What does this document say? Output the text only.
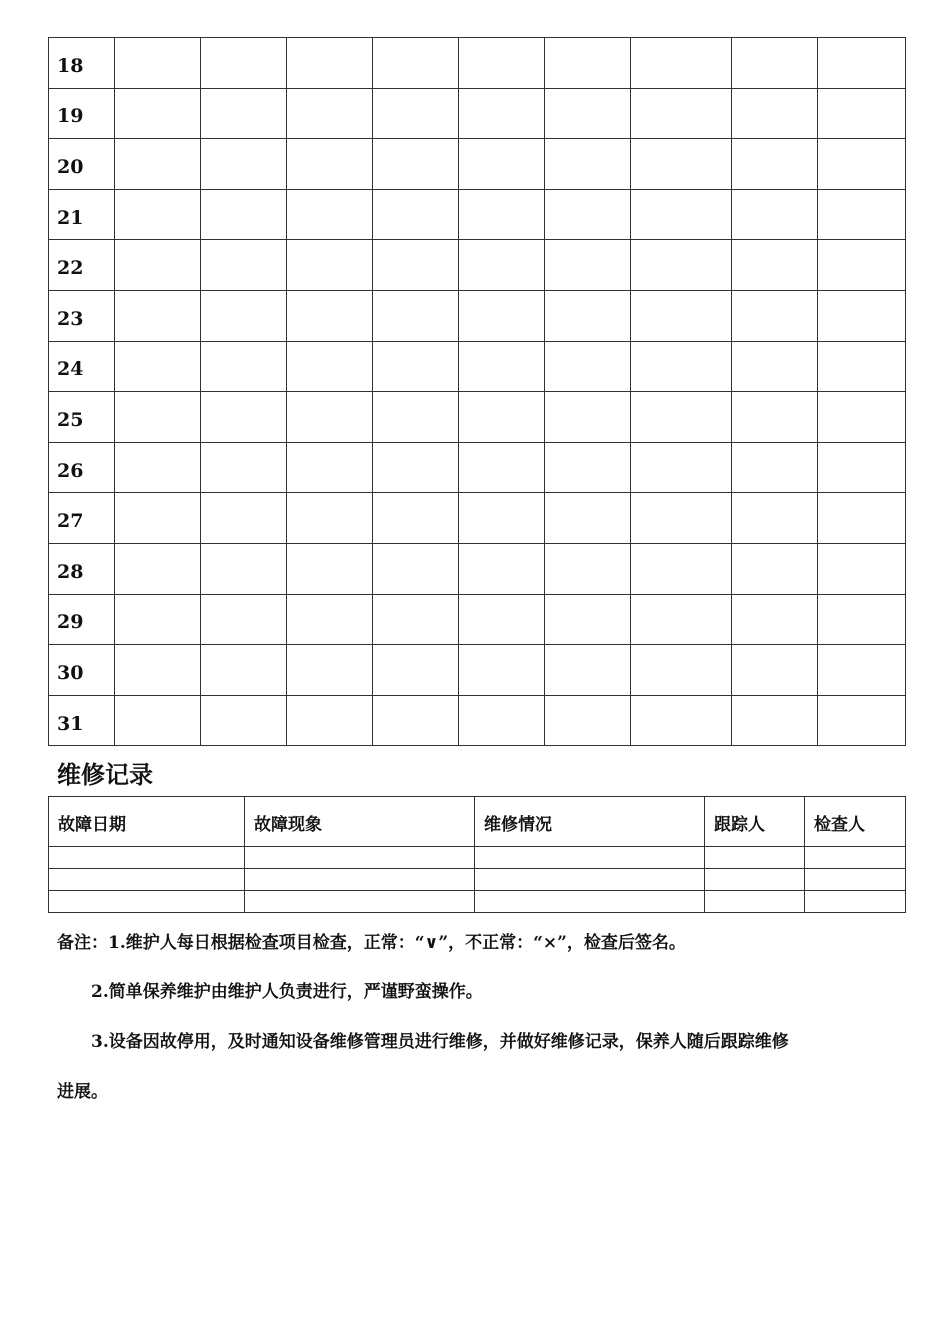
18									
19									
20									
21									
22									
23									
24									
25									
26									
27									
28									
29									
30									
31									
维修记录
故障日期	故障现象	维修情况	跟踪人	检查人

备注：1.维护人每日根据检查项目检查，正常：“∨”，不正常：“×”，检查后签名。

2.简单保养维护由维护人负责进行，严谨野蛮操作。

3.设备因故停用，及时通知设备维修管理员进行维修，并做好维修记录，保养人随后跟踪维修

进展。
